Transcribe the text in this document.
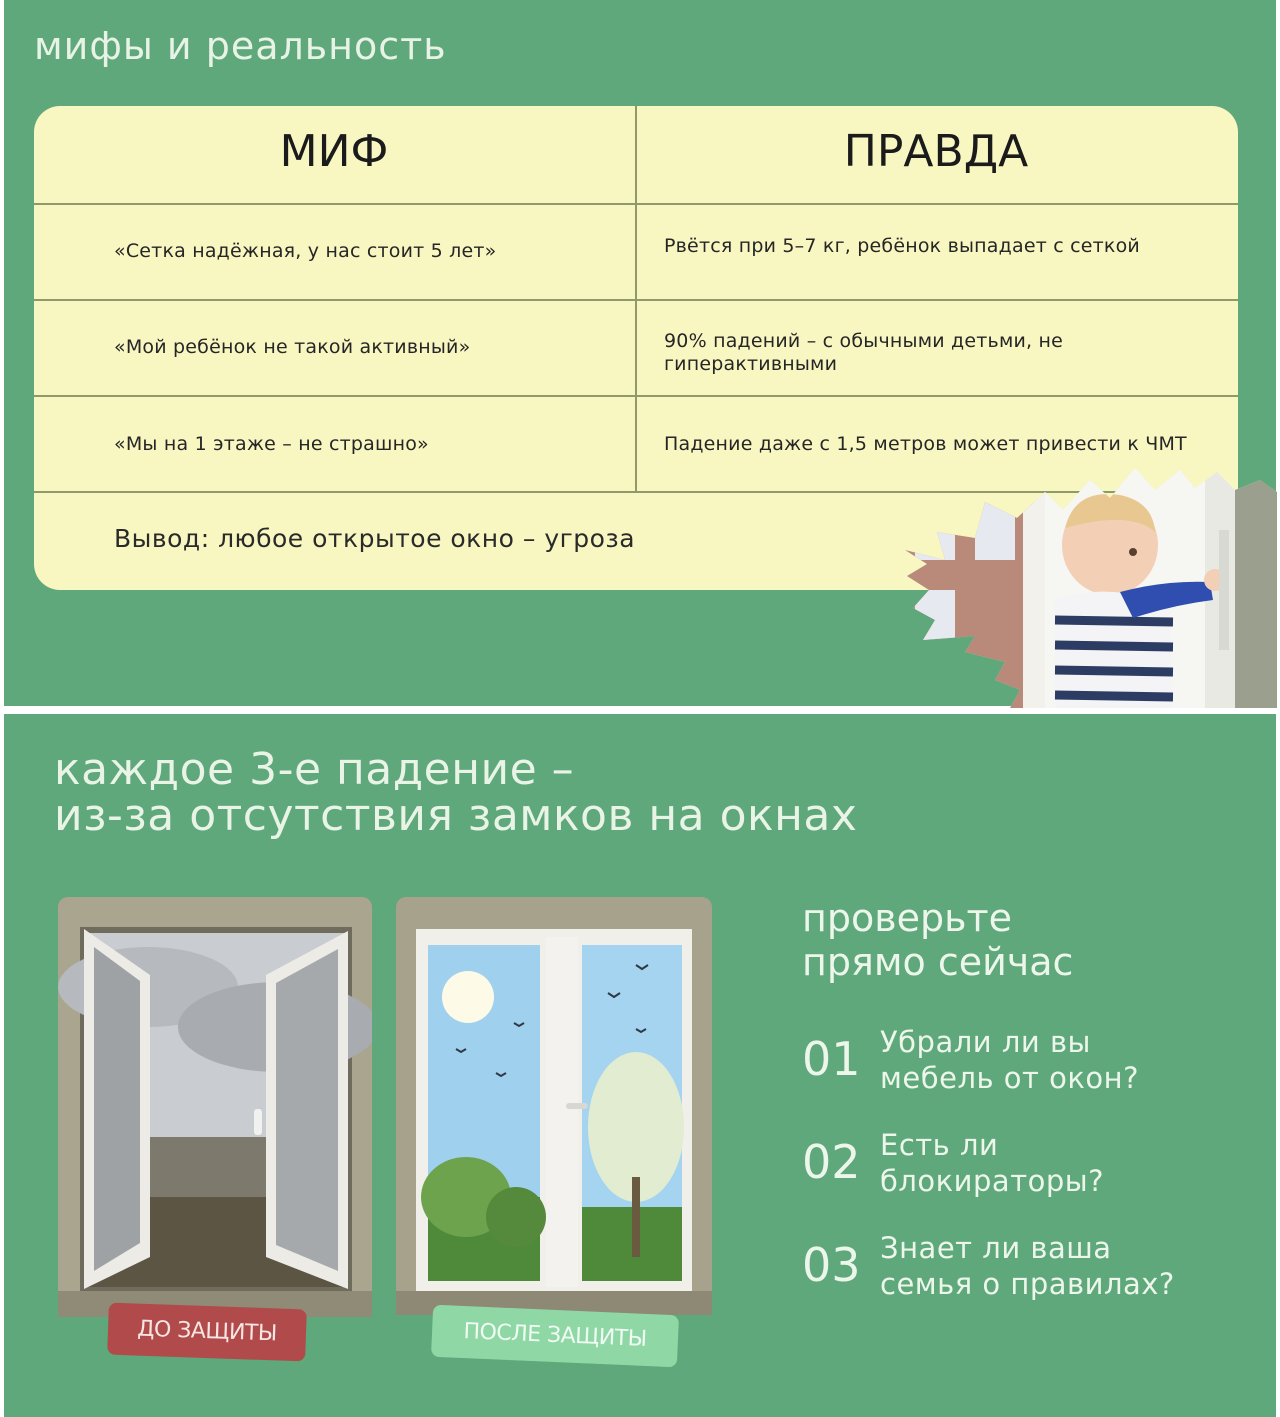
мифы и реальность
МИФ	ПРАВДА
«Сетка надёжная, у нас стоит 5 лет»	Рвётся при 5–7 кг, ребёнок выпадает с сеткой
«Мой ребёнок не такой активный»	90% падений – с обычными детьми, не гиперактивными
«Мы на 1 этаже – не страшно»	Падение даже с 1,5 метров может привести к ЧМТ
Вывод: любое открытое окно – угроза
каждое 3-е падение –
из-за отсутствия замков на окнах
ДО ЗАЩИТЫ	ПОСЛЕ ЗАЩИТЫ
проверьте
прямо сейчас
01 Убрали ли вы
мебель от окон?
02 Есть ли
блокираторы?
03 Знает ли ваша
семья о правилах?
